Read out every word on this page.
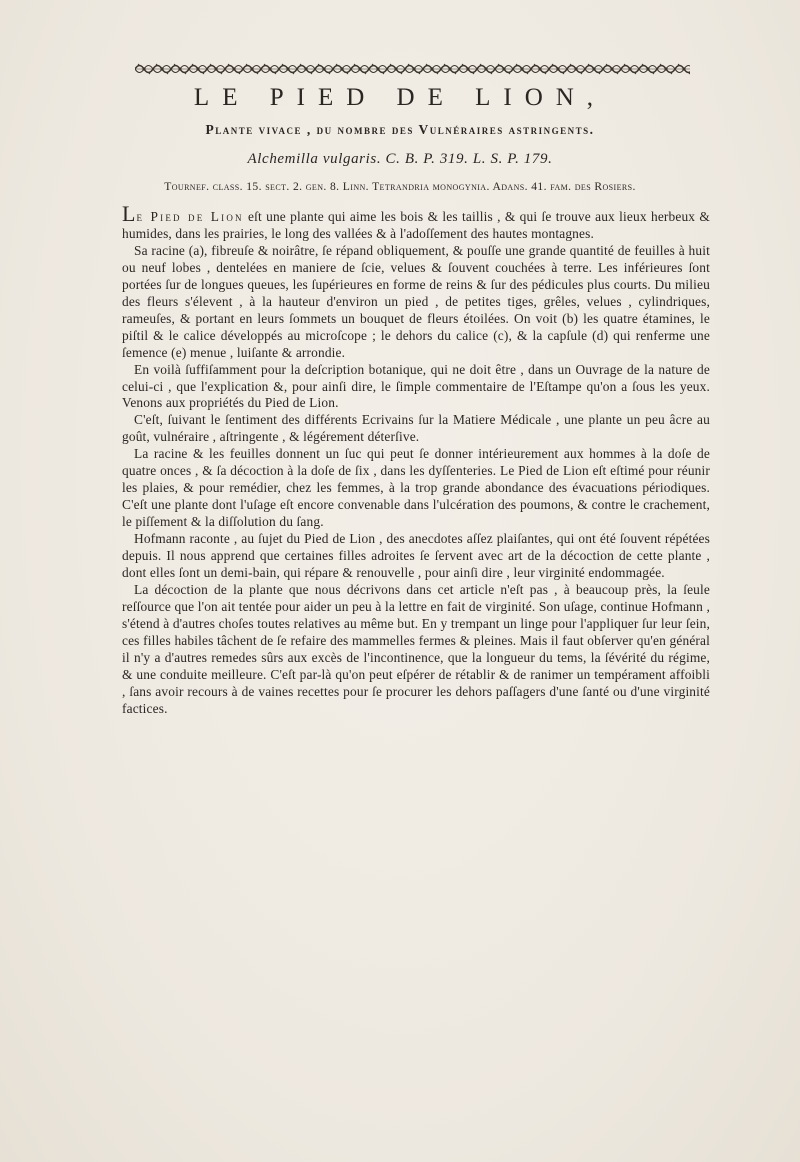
LE PIED DE LION,
Plante vivace , du nombre des Vulnéraires astringents.

Alchemilla vulgaris. C. B. P. 319. L. S. P. 179.

Tournef. claſſ. 15. ſect. 2. gen. 8. Linn. Tetrandria monogynia. Adans. 41. fam. des Roſiers.

Le Pied de Lion eſt une plante qui aime les bois & les taillis , & qui ſe trouve aux lieux herbeux & humides, dans les prairies, le long des vallées & à l'adoſſement des hautes montagnes.

Sa racine (a), fibreuſe & noirâtre, ſe répand obliquement, & pouſſe une grande quantité de feuilles à huit ou neuf lobes , dentelées en maniere de ſcie, velues & ſouvent couchées à terre. Les inférieures ſont portées ſur de longues queues, les ſupérieures en forme de reins & ſur des pédicules plus courts. Du milieu des fleurs s'élevent , à la hauteur d'environ un pied , de petites tiges, grêles, velues , cylindriques, rameuſes, & portant en leurs ſommets un bouquet de fleurs étoilées. On voit (b) les quatre étamines, le piſtil & le calice développés au microſcope ; le dehors du calice (c), & la capſule (d) qui renferme une ſemence (e) menue , luiſante & arrondie.

En voilà ſuffiſamment pour la deſcription botanique, qui ne doit être , dans un Ouvrage de la nature de celui-ci , que l'explication &, pour ainſi dire, le ſimple commentaire de l'Eſtampe qu'on a ſous les yeux. Venons aux propriétés du Pied de Lion.

C'eſt, ſuivant le ſentiment des différents Ecrivains ſur la Matiere Médicale , une plante un peu âcre au goût, vulnéraire , aſtringente , & légérement déterſive.

La racine & les feuilles donnent un ſuc qui peut ſe donner intérieurement aux hommes à la doſe de quatre onces , & ſa décoction à la doſe de ſix , dans les dyſſenteries. Le Pied de Lion eſt eſtimé pour réunir les plaies, & pour remédier, chez les femmes, à la trop grande abondance des évacuations périodiques. C'eſt une plante dont l'uſage eſt encore convenable dans l'ulcération des poumons, & contre le crachement, le piſſement & la diſſolution du ſang.

Hofmann raconte , au ſujet du Pied de Lion , des anecdotes aſſez plaiſantes, qui ont été ſouvent répétées depuis. Il nous apprend que certaines filles adroites ſe ſervent avec art de la décoction de cette plante , dont elles ſont un demi-bain, qui répare & renouvelle , pour ainſi dire , leur virginité endommagée.

La décoction de la plante que nous décrivons dans cet article n'eſt pas , à beaucoup près, la ſeule reſſource que l'on ait tentée pour aider un peu à la lettre en fait de virginité. Son uſage, continue Hofmann , s'étend à d'autres choſes toutes relatives au même but. En y trempant un linge pour l'appliquer ſur leur ſein, ces filles habiles tâchent de ſe refaire des mammelles fermes & pleines. Mais il faut obſerver qu'en général il n'y a d'autres remedes sûrs aux excès de l'incontinence, que la longueur du tems, la ſévérité du régime, & une conduite meilleure. C'eſt par-là qu'on peut eſpérer de rétablir & de ranimer un tempérament affoibli , ſans avoir recours à de vaines recettes pour ſe procurer les dehors paſſagers d'une ſanté ou d'une virginité factices.
